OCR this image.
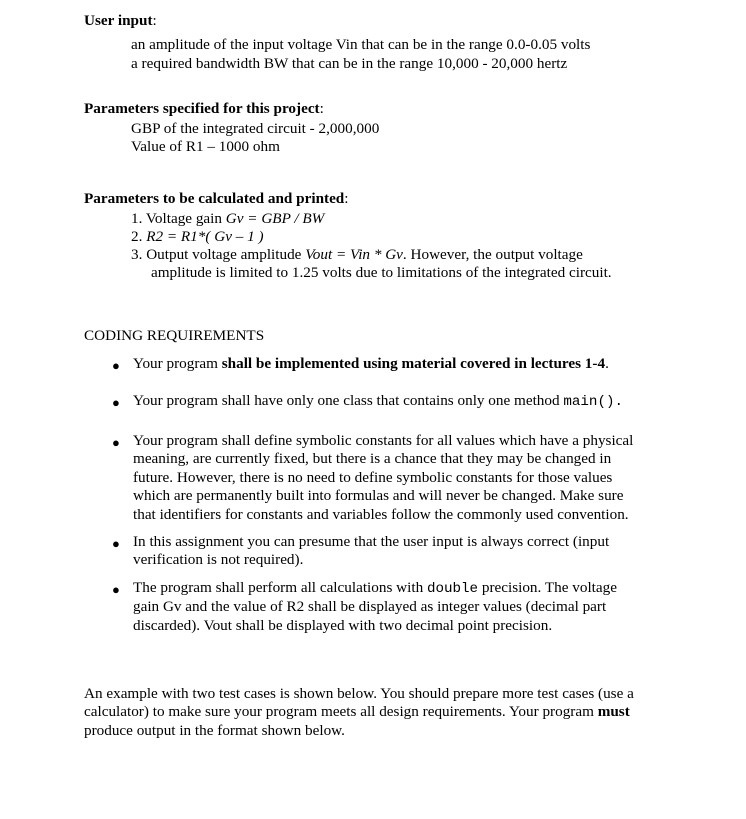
User input:
an amplitude of the input voltage Vin that can be in the range 0.0-0.05 volts
a required bandwidth BW that can be in the range 10,000 - 20,000 hertz
Parameters specified for this project:
GBP of the integrated circuit - 2,000,000
Value of R1 – 1000 ohm
Parameters to be calculated and printed:
1. Voltage gain Gv = GBP / BW
2. R2 = R1*( Gv – 1 )
3. Output voltage amplitude Vout = Vin * Gv. However, the output voltage
amplitude is limited to 1.25 volts due to limitations of the integrated circuit.
CODING REQUIREMENTS
● Your program shall be implemented using material covered in lectures 1-4.
● Your program shall have only one class that contains only one method main().
● Your program shall define symbolic constants for all values which have a physical
meaning, are currently fixed, but there is a chance that they may be changed in
future. However, there is no need to define symbolic constants for those values
which are permanently built into formulas and will never be changed. Make sure
that identifiers for constants and variables follow the commonly used convention.
● In this assignment you can presume that the user input is always correct (input
verification is not required).
● The program shall perform all calculations with double precision. The voltage
gain Gv and the value of R2 shall be displayed as integer values (decimal part
discarded). Vout shall be displayed with two decimal point precision.
An example with two test cases is shown below. You should prepare more test cases (use a
calculator) to make sure your program meets all design requirements. Your program must
produce output in the format shown below.
